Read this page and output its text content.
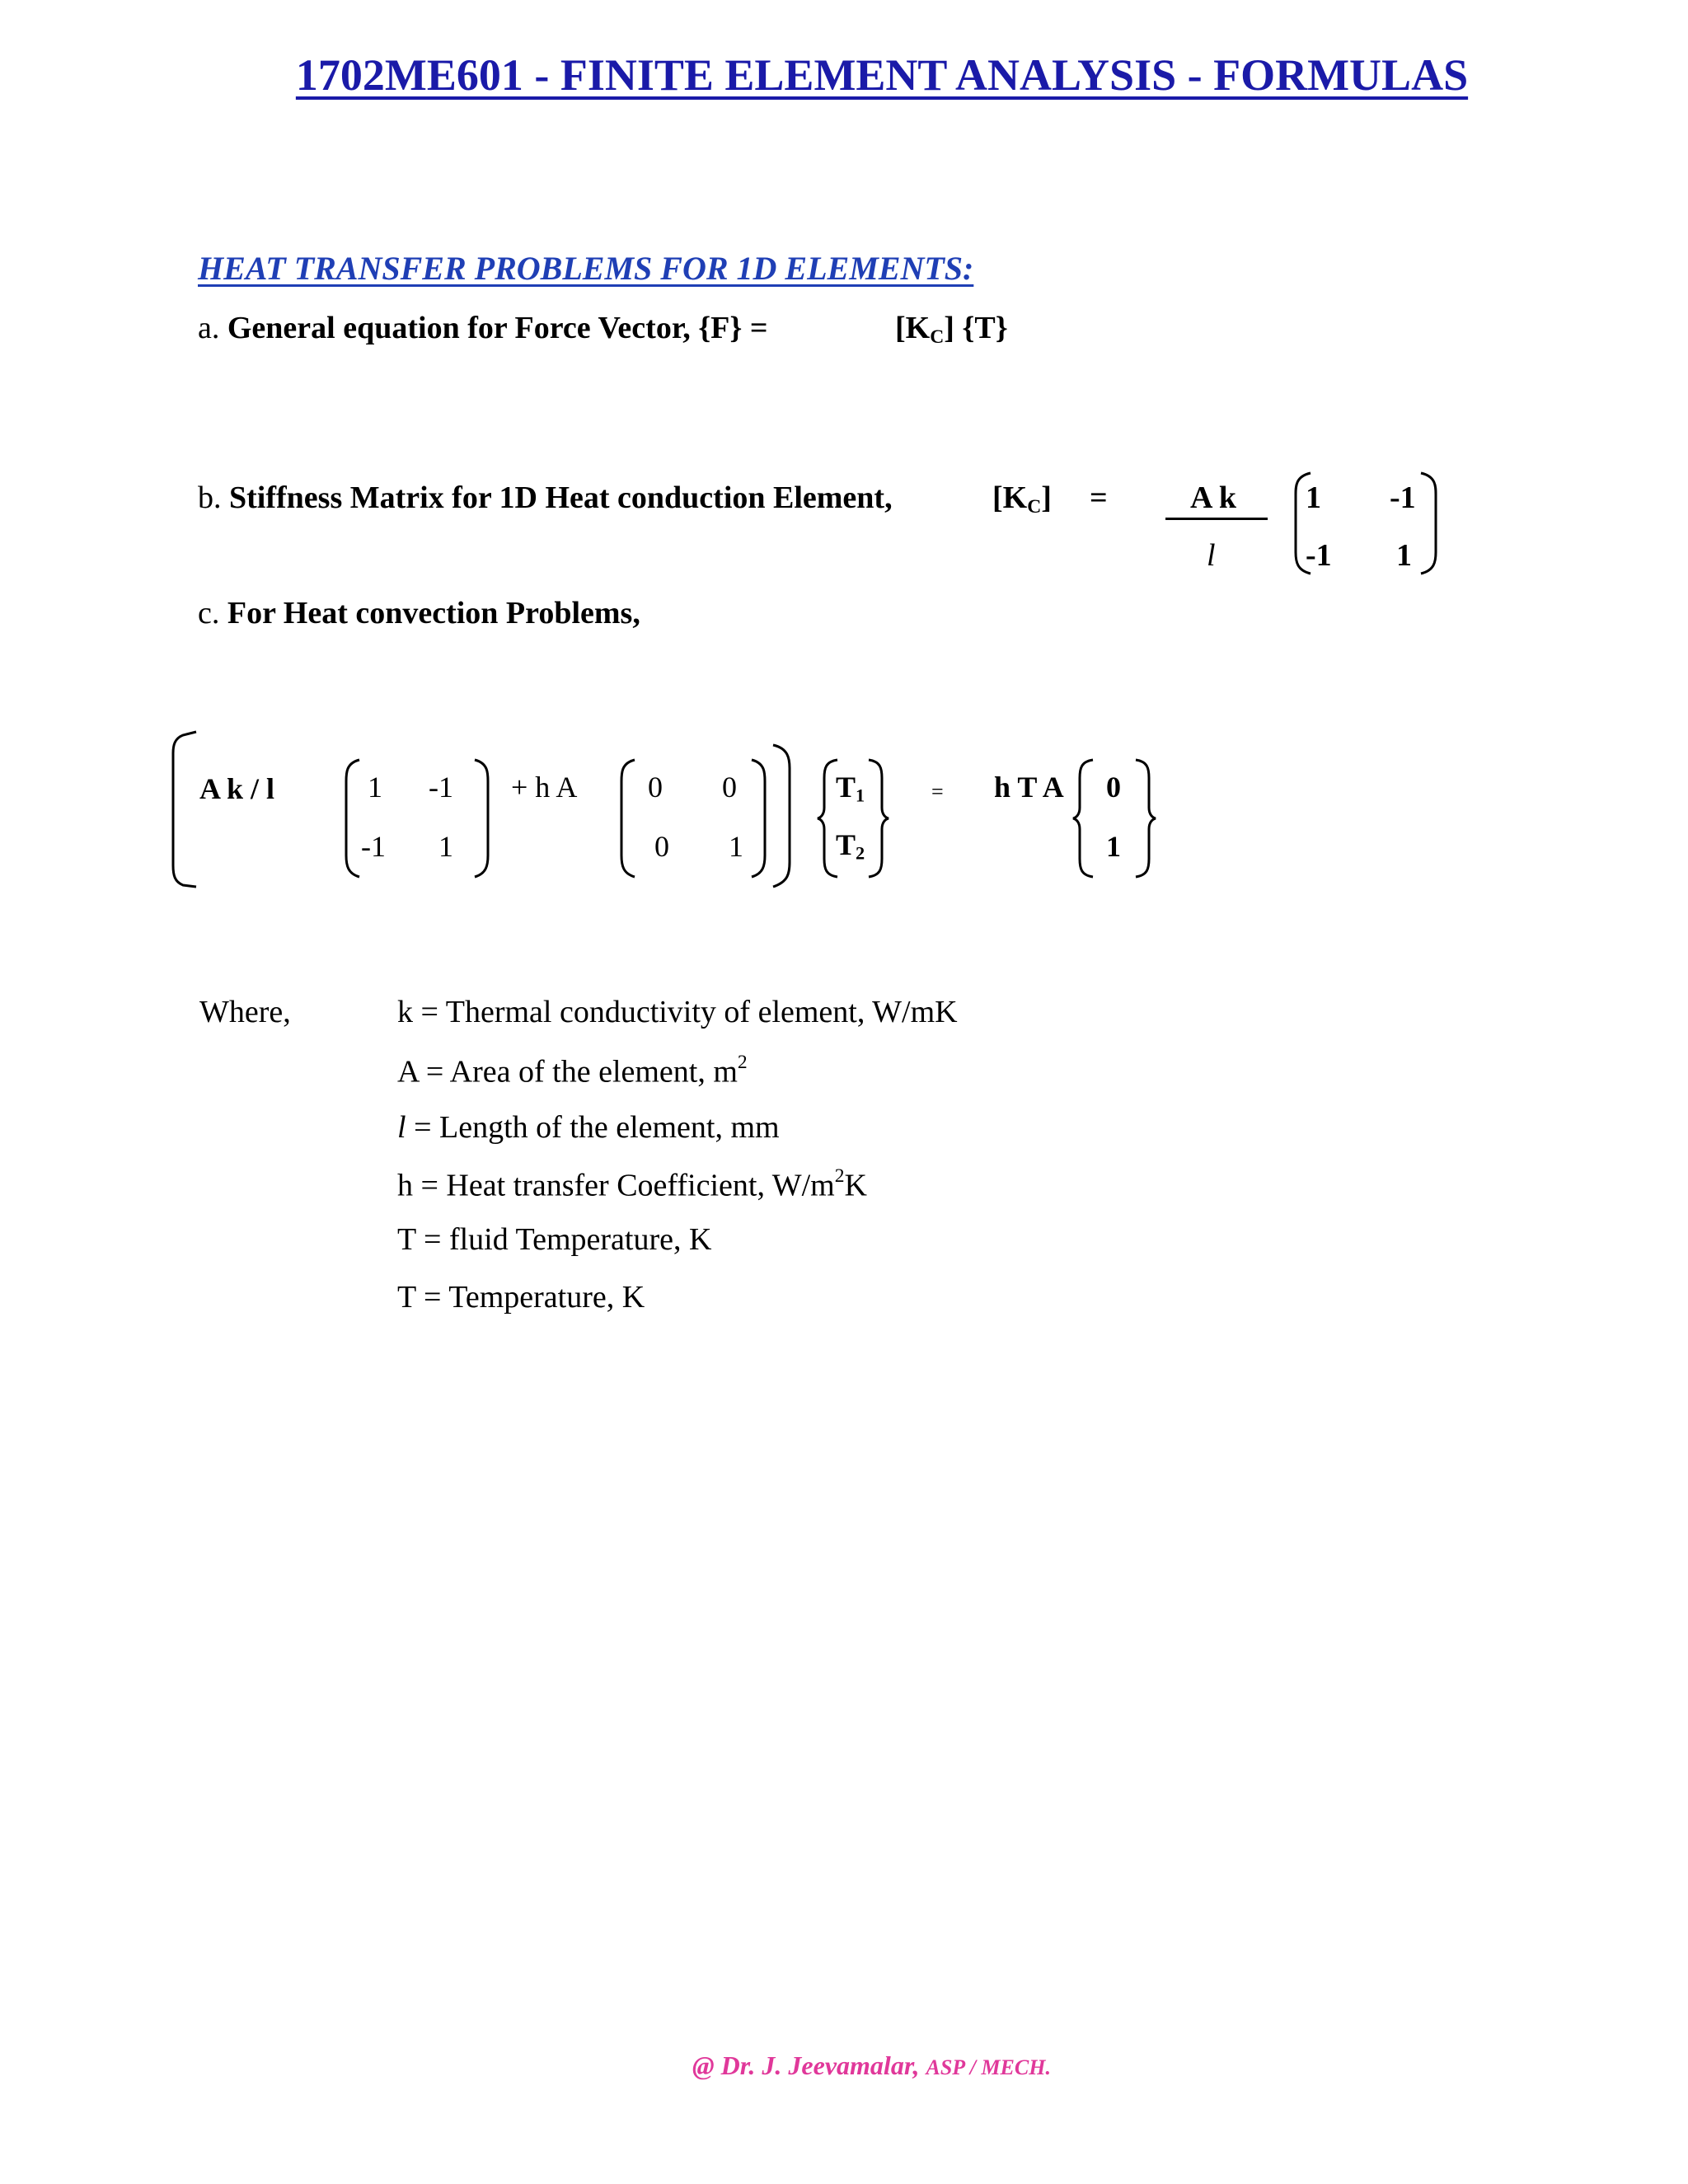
1702ME601 - FINITE ELEMENT ANALYSIS - FORMULAS
HEAT TRANSFER PROBLEMS FOR 1D ELEMENTS:
a. General equation for Force Vector, {F} =	$[K_C]$ {T}
b. Stiffness Matrix for 1D Heat conduction Element,	$[K_C]$ =	A k
l
1 -1
-1 1
c. For Heat convection Problems,
A k / l	1 -1
-1 1
+ h A 0 0
0 1
$T_1$
$T_2$
= h T A 0
1
Where,	k = Thermal conductivity of element, W/mK
A = Area of the element, $m^2$
l = Length of the element, mm
h = Heat transfer Coefficient, $W/m^2K$
T = fluid Temperature, K
T = Temperature, K
@ Dr. J. Jeevamalar, ASP / MECH.
